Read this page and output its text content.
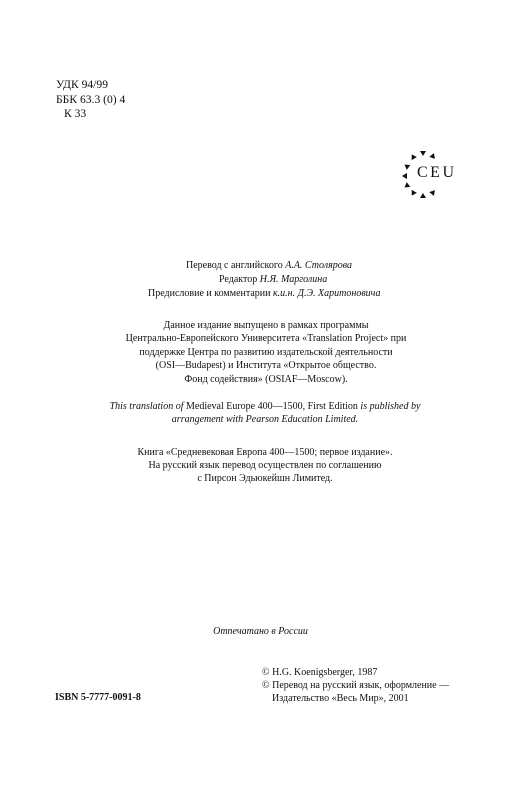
УДК 94/99
ББК 63.3 (0) 4
К 33
CEU
Перевод с английского А.А. Столярова
Редактор Н.Я. Марголина
Предисловие и комментарии к.и.н. Д.Э. Харитоновича
Данное издание выпущено в рамках программы
Центрально-Европейского Университета «Translation Project» при
поддержке Центра по развитию издательской деятельности
(OSI—Budapest) и Института «Открытое общество.
Фонд содействия» (OSIAF—Moscow).
This translation of Medieval Europe 400—1500, First Edition is published by
arrangement with Pearson Education Limited.
Книга «Средневековая Европа 400—1500; первое издание».
На русский язык перевод осуществлен по соглашению
с Пирсон Эдьюкейшн Лимитед.
Отпечатано в России
© H.G. Koenigsberger, 1987
© Перевод на русский язык, оформление —
Издательство «Весь Мир», 2001
ISBN 5-7777-0091-8
